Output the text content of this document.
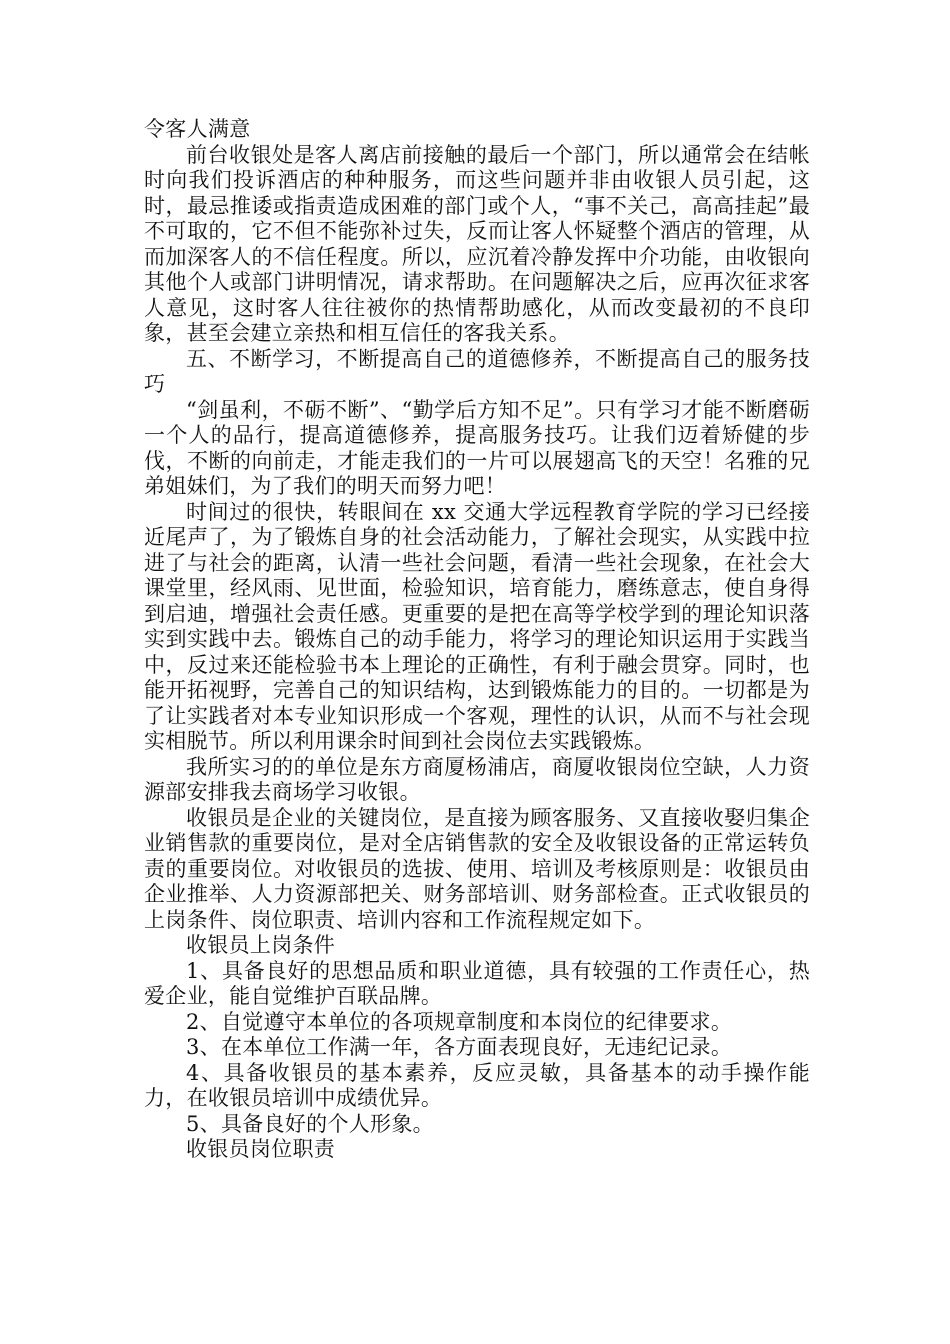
令客人满意

前台收银处是客人离店前接触的最后一个部门，所以通常会在结帐时向我们投诉酒店的种种服务，而这些问题并非由收银人员引起，这时，最忌推诿或指责造成困难的部门或个人，“事不关己，高高挂起”最不可取的，它不但不能弥补过失，反而让客人怀疑整个酒店的管理，从而加深客人的不信任程度。所以，应沉着冷静发挥中介功能，由收银向其他个人或部门讲明情况，请求帮助。在问题解决之后，应再次征求客人意见，这时客人往往被你的热情帮助感化，从而改变最初的不良印象，甚至会建立亲热和相互信任的客我关系。

五、不断学习，不断提高自己的道德修养，不断提高自己的服务技巧

“剑虽利，不砺不断”、“勤学后方知不足”。只有学习才能不断磨砺一个人的品行，提高道德修养，提高服务技巧。让我们迈着矫健的步伐，不断的向前走，才能走我们的一片可以展翅高飞的天空！名雅的兄弟姐妹们，为了我们的明天而努力吧！

时间过的很快，转眼间在 xx 交通大学远程教育学院的学习已经接近尾声了，为了锻炼自身的社会活动能力，了解社会现实，从实践中拉进了与社会的距离，认清一些社会问题，看清一些社会现象，在社会大课堂里，经风雨、见世面，检验知识，培育能力，磨练意志，使自身得到启迪，增强社会责任感。更重要的是把在高等学校学到的理论知识落实到实践中去。锻炼自己的动手能力，将学习的理论知识运用于实践当中，反过来还能检验书本上理论的正确性，有利于融会贯穿。同时，也能开拓视野，完善自己的知识结构，达到锻炼能力的目的。一切都是为了让实践者对本专业知识形成一个客观，理性的认识，从而不与社会现实相脱节。所以利用课余时间到社会岗位去实践锻炼。

我所实习的的单位是东方商厦杨浦店，商厦收银岗位空缺，人力资源部安排我去商场学习收银。

收银员是企业的关键岗位，是直接为顾客服务、又直接收娶归集企业销售款的重要岗位，是对全店销售款的安全及收银设备的正常运转负责的重要岗位。对收银员的选拔、使用、培训及考核原则是：收银员由企业推举、人力资源部把关、财务部培训、财务部检查。正式收银员的上岗条件、岗位职责、培训内容和工作流程规定如下。

收银员上岗条件

1、具备良好的思想品质和职业道德，具有较强的工作责任心，热爱企业，能自觉维护百联品牌。

2、自觉遵守本单位的各项规章制度和本岗位的纪律要求。

3、在本单位工作满一年，各方面表现良好，无违纪记录。

4、具备收银员的基本素养，反应灵敏，具备基本的动手操作能力，在收银员培训中成绩优异。

5、具备良好的个人形象。

收银员岗位职责
